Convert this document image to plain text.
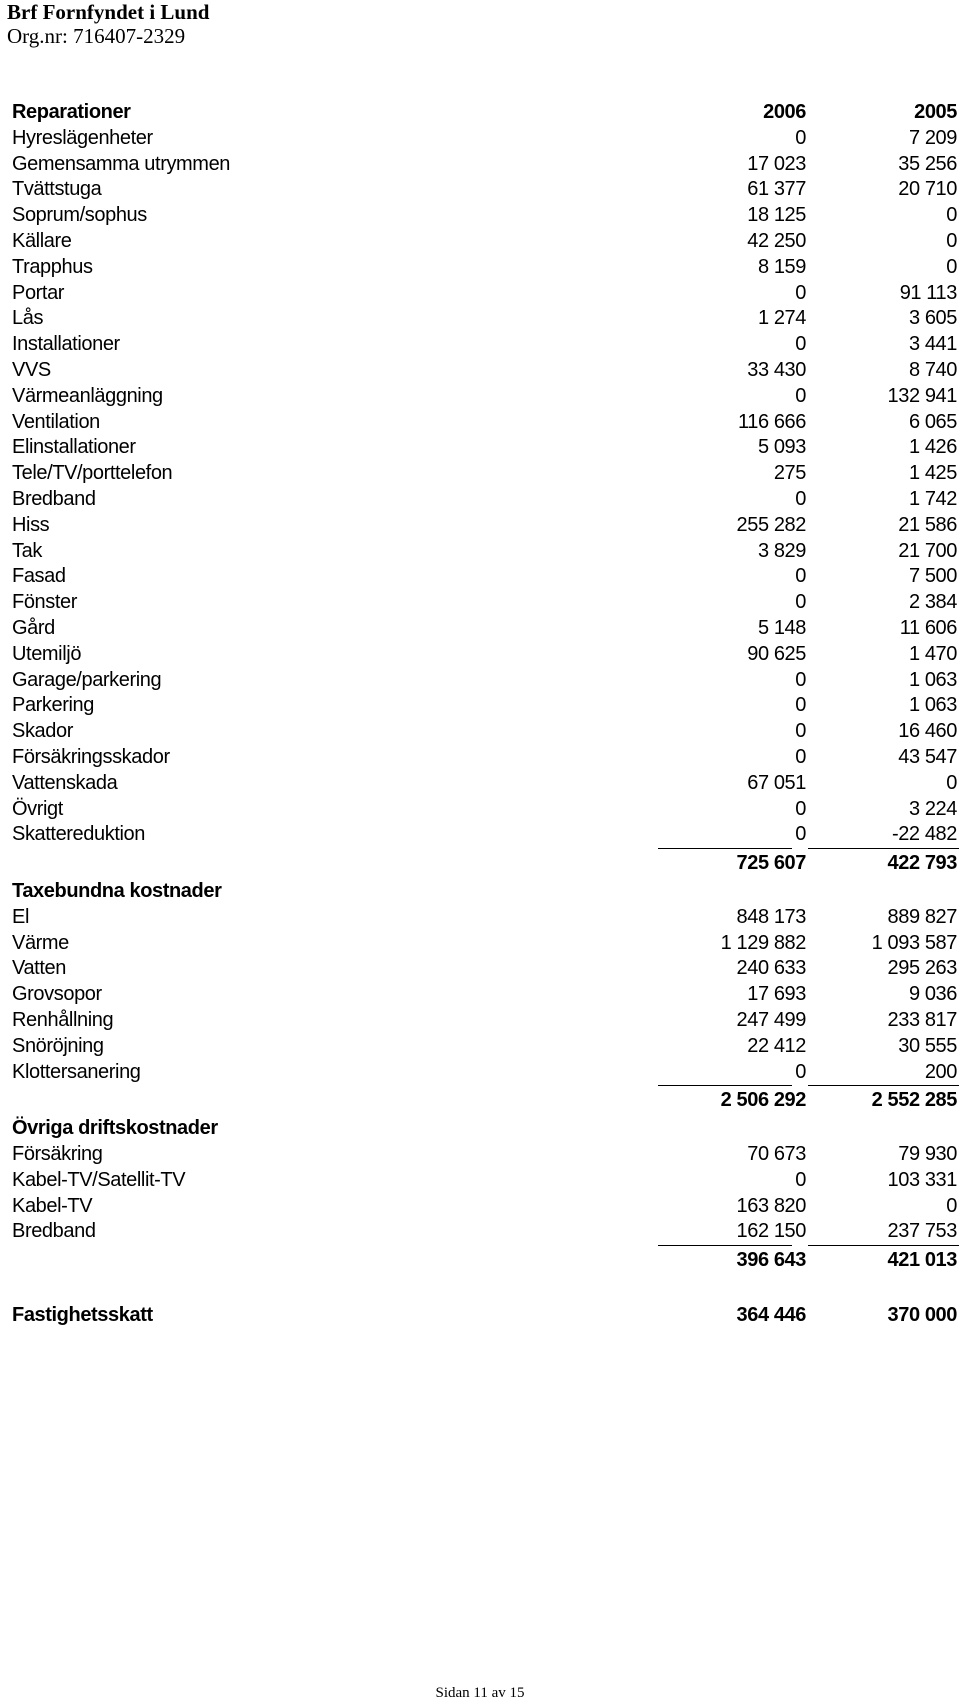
Brf Fornfyndet i Lund
Org.nr: 716407-2329
Reparationer	2006	2005
Hyreslägenheter	0	7 209
Gemensamma utrymmen	17 023	35 256
Tvättstuga	61 377	20 710
Soprum/sophus	18 125	0
Källare	42 250	0
Trapphus	8 159	0
Portar	0	91 113
Lås	1 274	3 605
Installationer	0	3 441
VVS	33 430	8 740
Värmeanläggning	0	132 941
Ventilation	116 666	6 065
Elinstallationer	5 093	1 426
Tele/TV/porttelefon	275	1 425
Bredband	0	1 742
Hiss	255 282	21 586
Tak	3 829	21 700
Fasad	0	7 500
Fönster	0	2 384
Gård	5 148	11 606
Utemiljö	90 625	1 470
Garage/parkering	0	1 063
Parkering	0	1 063
Skador	0	16 460
Försäkringsskador	0	43 547
Vattenskada	67 051	0
Övrigt	0	3 224
Skattereduktion	0	-22 482
725 607	422 793
Taxebundna kostnader
El	848 173	889 827
Värme	1 129 882	1 093 587
Vatten	240 633	295 263
Grovsopor	17 693	9 036
Renhållning	247 499	233 817
Snöröjning	22 412	30 555
Klottersanering	0	200
2 506 292	2 552 285
Övriga driftskostnader
Försäkring	70 673	79 930
Kabel-TV/Satellit-TV	0	103 331
Kabel-TV	163 820	0
Bredband	162 150	237 753
396 643	421 013
Fastighetsskatt	364 446	370 000
Sidan 11 av 15
